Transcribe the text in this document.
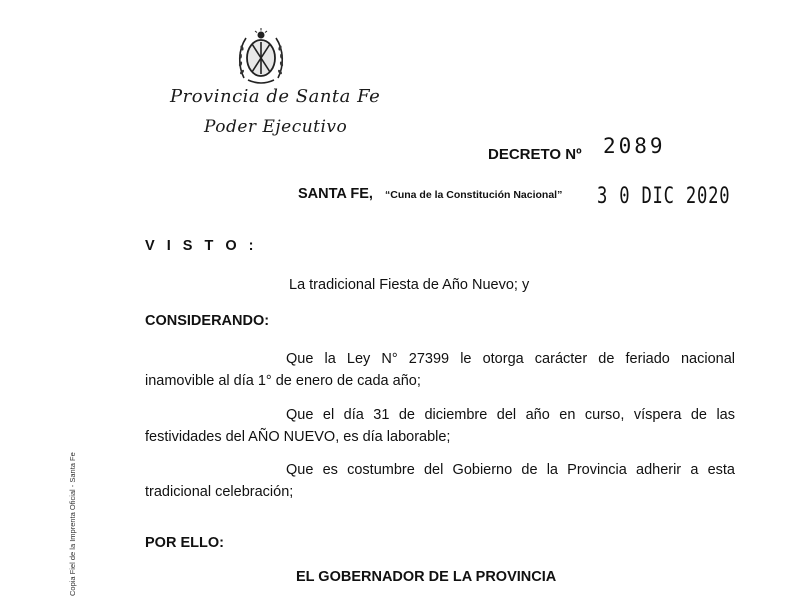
Provincia de Santa Fe
Poder Ejecutivo
DECRETO Nº 2089
SANTA FE, “Cuna de la Constitución Nacional” 3 0 DIC 2020
V I S T O :
La tradicional Fiesta de Año Nuevo; y
CONSIDERANDO:
Que la Ley N° 27399 le otorga carácter de feriado nacional
inamovible al día 1° de enero de cada año;
Que el día 31 de diciembre del año en curso, víspera de las
festividades del AÑO NUEVO, es día laborable;
Que es costumbre del Gobierno de la Provincia adherir a esta
tradicional celebración;
POR ELLO:
EL GOBERNADOR DE LA PROVINCIA
Copia Fiel de la Imprenta Oficial - Santa Fe
